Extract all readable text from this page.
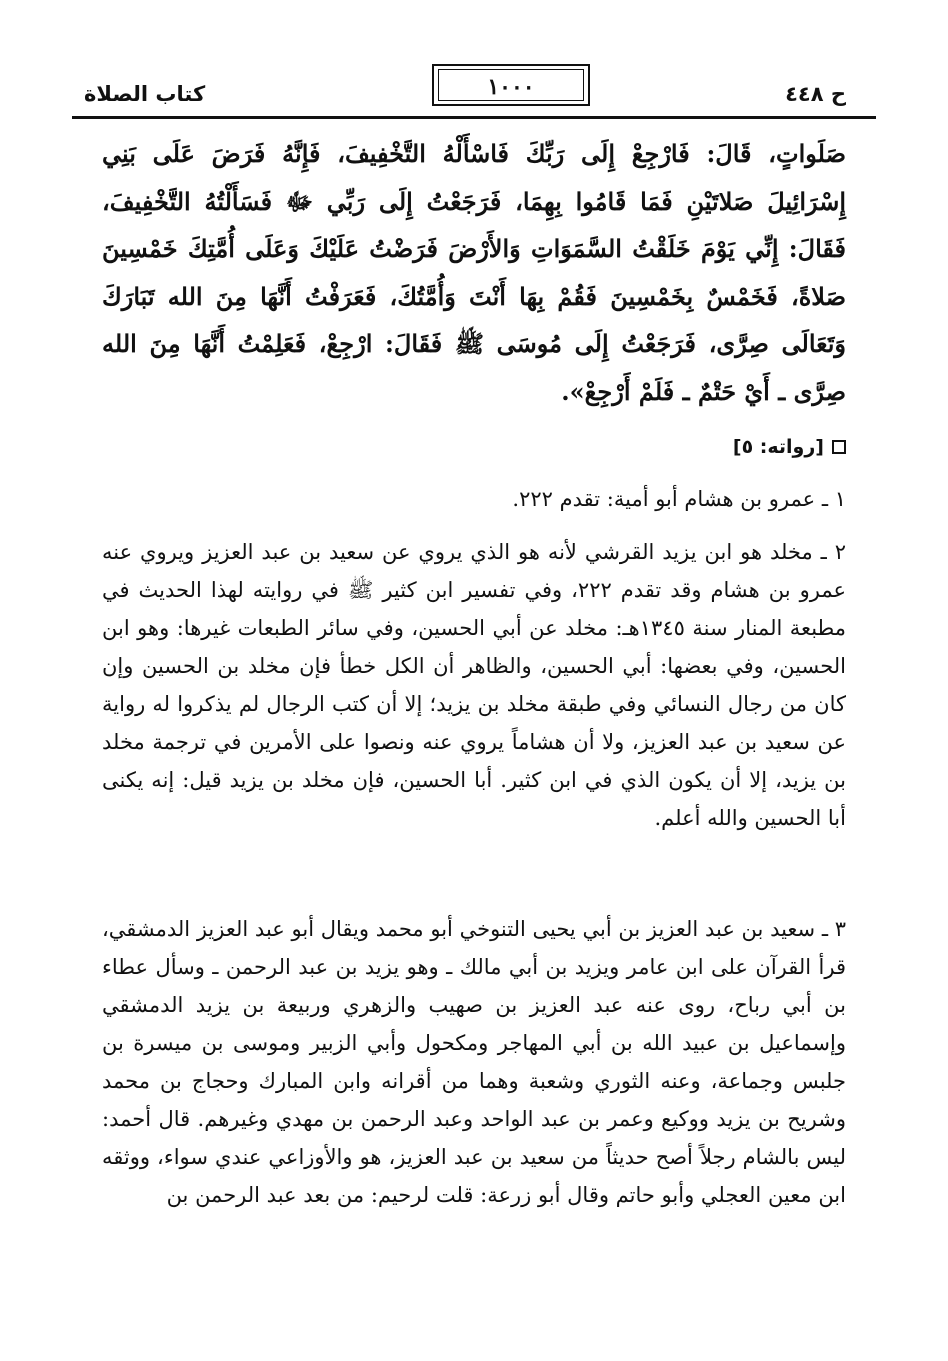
ح ٤٤٨
١٠٠٠
كتاب الصلاة
صَلَواتٍ، قَالَ: فَارْجِعْ إِلَى رَبِّكَ فَاسْأَلْهُ التَّخْفِيفَ، فَإِنَّهُ فَرَضَ عَلَى بَنِي إِسْرَائِيلَ صَلاتَيْنِ فَمَا قَامُوا بِهِمَا، فَرَجَعْتُ إِلَى رَبِّي ﷻ فَسَأَلْتُهُ التَّخْفِيفَ، فَقَالَ: إِنِّي يَوْمَ خَلَقْتُ السَّمَوَاتِ وَالأَرْضَ فَرَضْتُ عَلَيْكَ وَعَلَى أُمَّتِكَ خَمْسِينَ صَلاةً، فَخَمْسٌ بِخَمْسِينَ فَقُمْ بِهَا أَنْتَ وَأُمَّتُكَ، فَعَرَفْتُ أَنَّهَا مِنَ الله تَبَارَكَ وَتَعَالَى صِرَّى، فَرَجَعْتُ إِلَى مُوسَى ﷺ فَقَالَ: ارْجِعْ، فَعَلِمْتُ أَنَّهَا مِنَ الله صِرَّى ـ أَيْ حَتْمٌ ـ فَلَمْ أَرْجِعْ».
[رواته: ٥]
١ ـ عمرو بن هشام أبو أمية: تقدم ٢٢٢.
٢ ـ مخلد هو ابن يزيد القرشي لأنه هو الذي يروي عن سعيد بن عبد العزيز ويروي عنه عمرو بن هشام وقد تقدم ٢٢٢، وفي تفسير ابن كثير ﷺ في روايته لهذا الحديث في مطبعة المنار سنة ١٣٤٥هـ: مخلد عن أبي الحسين، وفي سائر الطبعات غيرها: وهو ابن الحسين، وفي بعضها: أبي الحسين، والظاهر أن الكل خطأ فإن مخلد بن الحسين وإن كان من رجال النسائي وفي طبقة مخلد بن يزيد؛ إلا أن كتب الرجال لم يذكروا له رواية عن سعيد بن عبد العزيز، ولا أن هشاماً يروي عنه ونصوا على الأمرين في ترجمة مخلد بن يزيد، إلا أن يكون الذي في ابن كثير. أبا الحسين، فإن مخلد بن يزيد قيل: إنه يكنى أبا الحسين والله أعلم.
٣ ـ سعيد بن عبد العزيز بن أبي يحيى التنوخي أبو محمد ويقال أبو عبد العزيز الدمشقي، قرأ القرآن على ابن عامر ويزيد بن أبي مالك ـ وهو يزيد بن عبد الرحمن ـ وسأل عطاء بن أبي رباح، روى عنه عبد العزيز بن صهيب والزهري وربيعة بن يزيد الدمشقي وإسماعيل بن عبيد الله بن أبي المهاجر ومكحول وأبي الزبير وموسى بن ميسرة بن جلبس وجماعة، وعنه الثوري وشعبة وهما من أقرانه وابن المبارك وحجاج بن محمد وشريح بن يزيد ووكيع وعمر بن عبد الواحد وعبد الرحمن بن مهدي وغيرهم. قال أحمد: ليس بالشام رجلاً أصح حديثاً من سعيد بن عبد العزيز، هو والأوزاعي عندي سواء، ووثقه ابن معين العجلي وأبو حاتم وقال أبو زرعة: قلت لرحيم: من بعد عبد الرحمن بن
